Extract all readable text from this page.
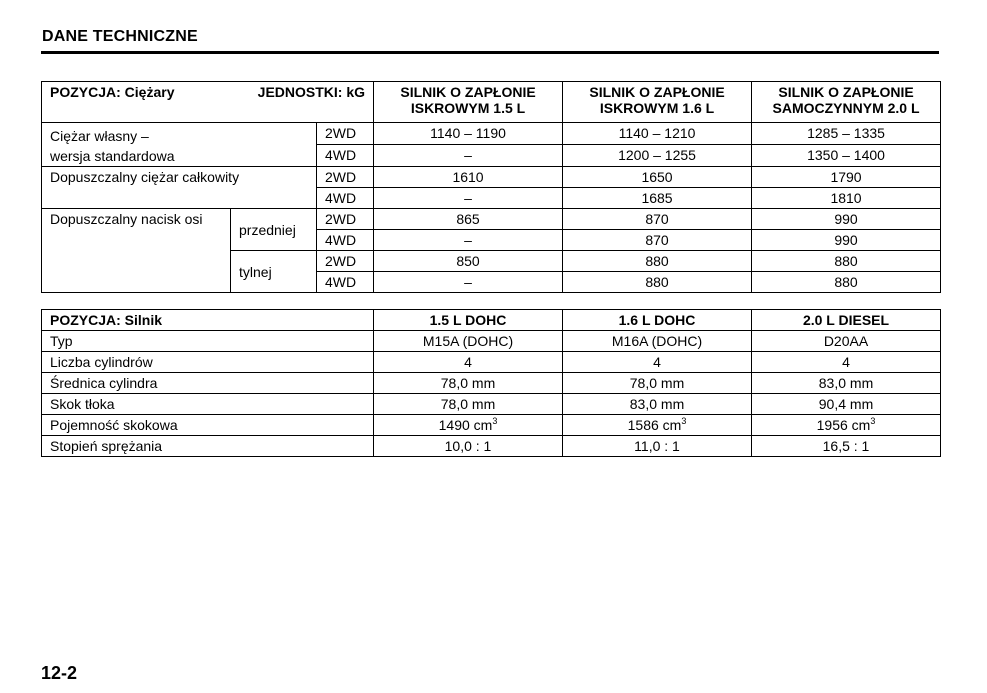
DANE TECHNICZNE
POZYCJA: Ciężary JEDNOSTKI: kG			SILNIK O ZAPŁONIE ISKROWYM 1.5 L	SILNIK O ZAPŁONIE ISKROWYM 1.6 L	SILNIK O ZAPŁONIE SAMOCZYNNYM 2.0 L

Ciężar własny –
wersja standardowa		2WD	1140 – 1190	1140 – 1210	1285 – 1335
		4WD	–	1200 – 1255	1350 – 1400
Dopuszczalny ciężar całkowity		2WD	1610	1650	1790
		4WD	–	1685	1810
Dopuszczalny nacisk osi	przedniej	2WD	865	870	990
		4WD	–	870	990
	tylnej	2WD	850	880	880
		4WD	–	880	880
POZYCJA: Silnik	1.5 L DOHC	1.6 L DOHC	2.0 L DIESEL
Typ	M15A (DOHC)	M16A (DOHC)	D20AA
Liczba cylindrów	4	4	4
Średnica cylindra	78,0 mm	78,0 mm	83,0 mm
Skok tłoka	78,0 mm	83,0 mm	90,4 mm
Pojemność skokowa	1490 $cm^3$	1586 $cm^3$	1956 $cm^3$
Stopień sprężania	10,0 : 1	11,0 : 1	16,5 : 1
12-2
